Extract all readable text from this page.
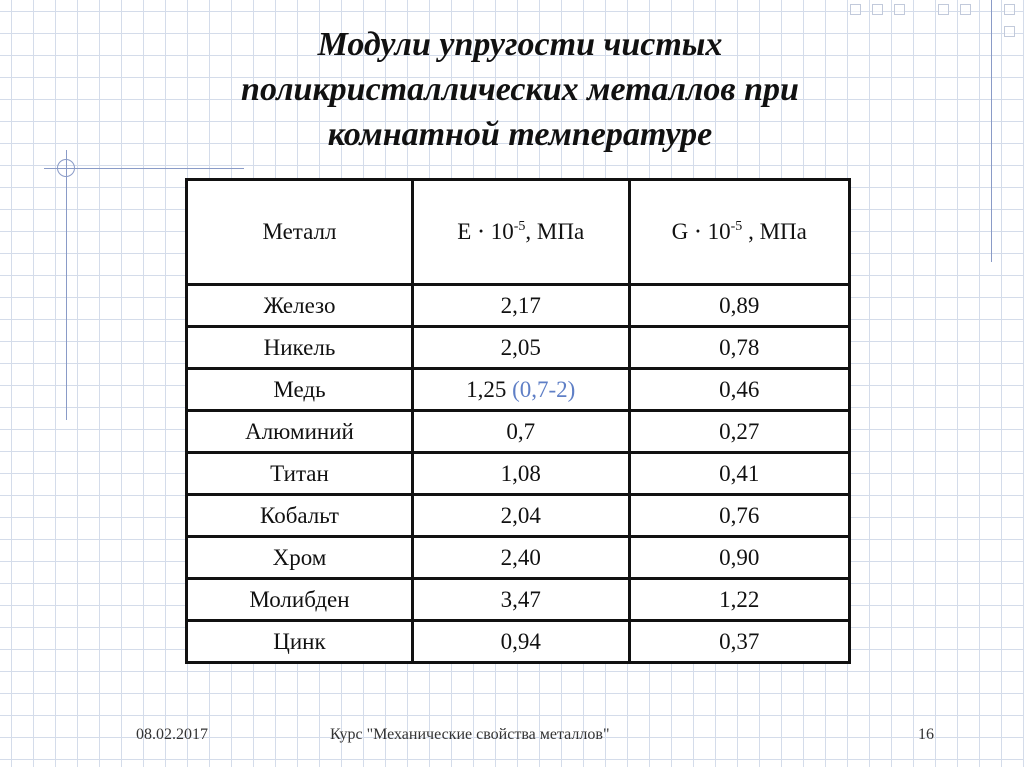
Модули упругости чистых
поликристаллических металлов при
комнатной температуре
Металл	$Е \cdot 10^{-5}$, МПа	$G \cdot 10^{-5}$ , МПа
Железо	2,17	0,89
Никель	2,05	0,78
Медь	1,25 (0,7-2)	0,46
Алюминий	0,7	0,27
Титан	1,08	0,41
Кобальт	2,04	0,76
Хром	2,40	0,90
Молибден	3,47	1,22
Цинк	0,94	0,37
08.02.2017	Курс "Механические свойства металлов"	16
